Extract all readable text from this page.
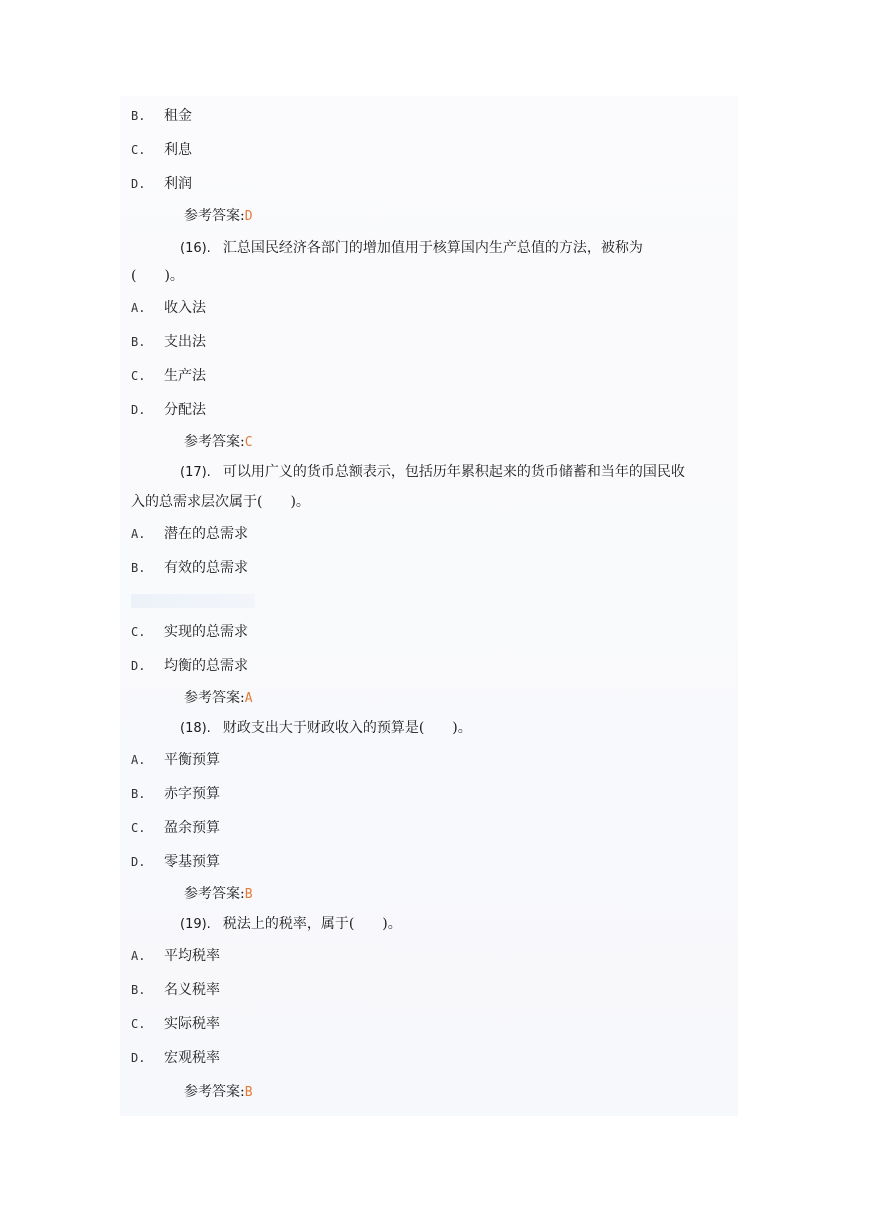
B. 租金
C. 利息
D. 利润
参考答案:D
(16). 汇总国民经济各部门的增加值用于核算国内生产总值的方法，被称为
(　　)。
A. 收入法
B. 支出法
C. 生产法
D. 分配法
参考答案:C
(17). 可以用广义的货币总额表示，包括历年累积起来的货币储蓄和当年的国民收
入的总需求层次属于(　　)。
A. 潜在的总需求
B. 有效的总需求
C. 实现的总需求
D. 均衡的总需求
参考答案:A
(18). 财政支出大于财政收入的预算是(　　)。
A. 平衡预算
B. 赤字预算
C. 盈余预算
D. 零基预算
参考答案:B
(19). 税法上的税率，属于(　　)。
A. 平均税率
B. 名义税率
C. 实际税率
D. 宏观税率
参考答案:B
